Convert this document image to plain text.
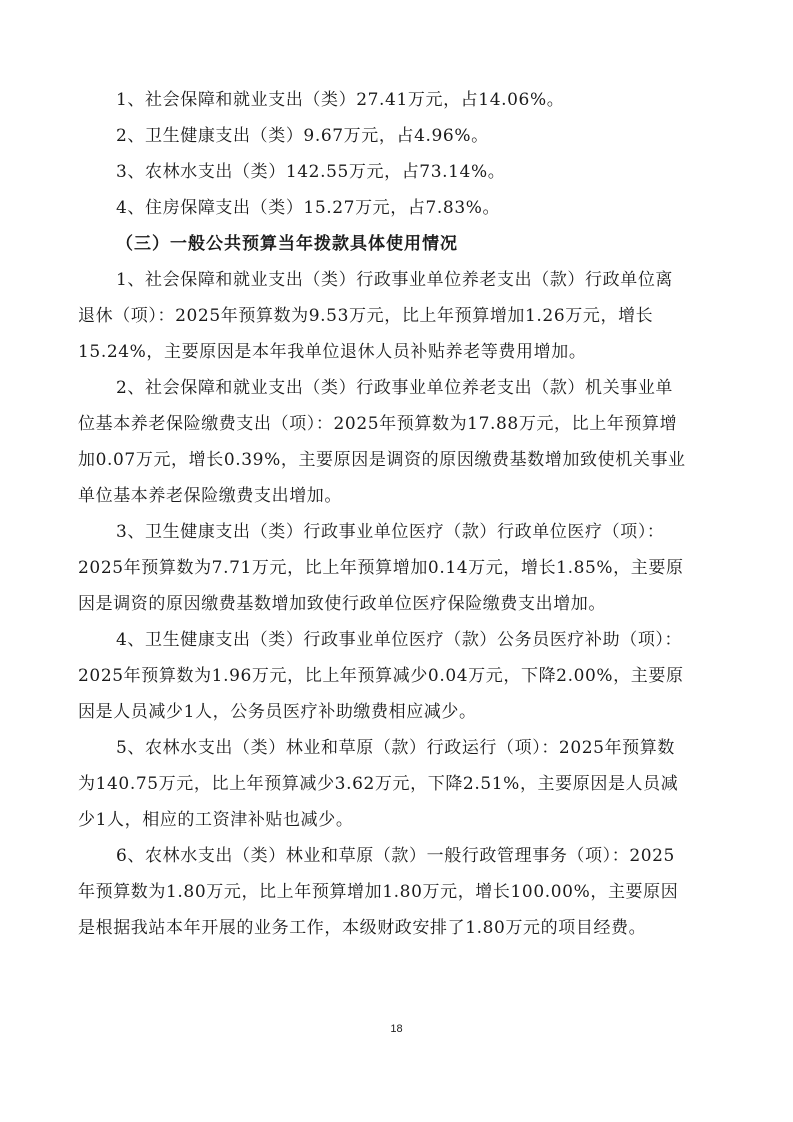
1、社会保障和就业支出（类）27.41万元，占14.06%。
2、卫生健康支出（类）9.67万元，占4.96%。
3、农林水支出（类）142.55万元，占73.14%。
4、住房保障支出（类）15.27万元，占7.83%。
（三）一般公共预算当年拨款具体使用情况
1、社会保障和就业支出（类）行政事业单位养老支出（款）行政单位离
退休（项）：2025年预算数为9.53万元，比上年预算增加1.26万元，增长
15.24%，主要原因是本年我单位退休人员补贴养老等费用增加。
2、社会保障和就业支出（类）行政事业单位养老支出（款）机关事业单
位基本养老保险缴费支出（项）：2025年预算数为17.88万元，比上年预算增
加0.07万元，增长0.39%，主要原因是调资的原因缴费基数增加致使机关事业
单位基本养老保险缴费支出增加。
3、卫生健康支出（类）行政事业单位医疗（款）行政单位医疗（项）：
2025年预算数为7.71万元，比上年预算增加0.14万元，增长1.85%，主要原
因是调资的原因缴费基数增加致使行政单位医疗保险缴费支出增加。
4、卫生健康支出（类）行政事业单位医疗（款）公务员医疗补助（项）：
2025年预算数为1.96万元，比上年预算减少0.04万元，下降2.00%，主要原
因是人员减少1人，公务员医疗补助缴费相应减少。
5、农林水支出（类）林业和草原（款）行政运行（项）：2025年预算数
为140.75万元，比上年预算减少3.62万元，下降2.51%，主要原因是人员减
少1人，相应的工资津补贴也减少。
6、农林水支出（类）林业和草原（款）一般行政管理事务（项）：2025
年预算数为1.80万元，比上年预算增加1.80万元，增长100.00%，主要原因
是根据我站本年开展的业务工作，本级财政安排了1.80万元的项目经费。
18
